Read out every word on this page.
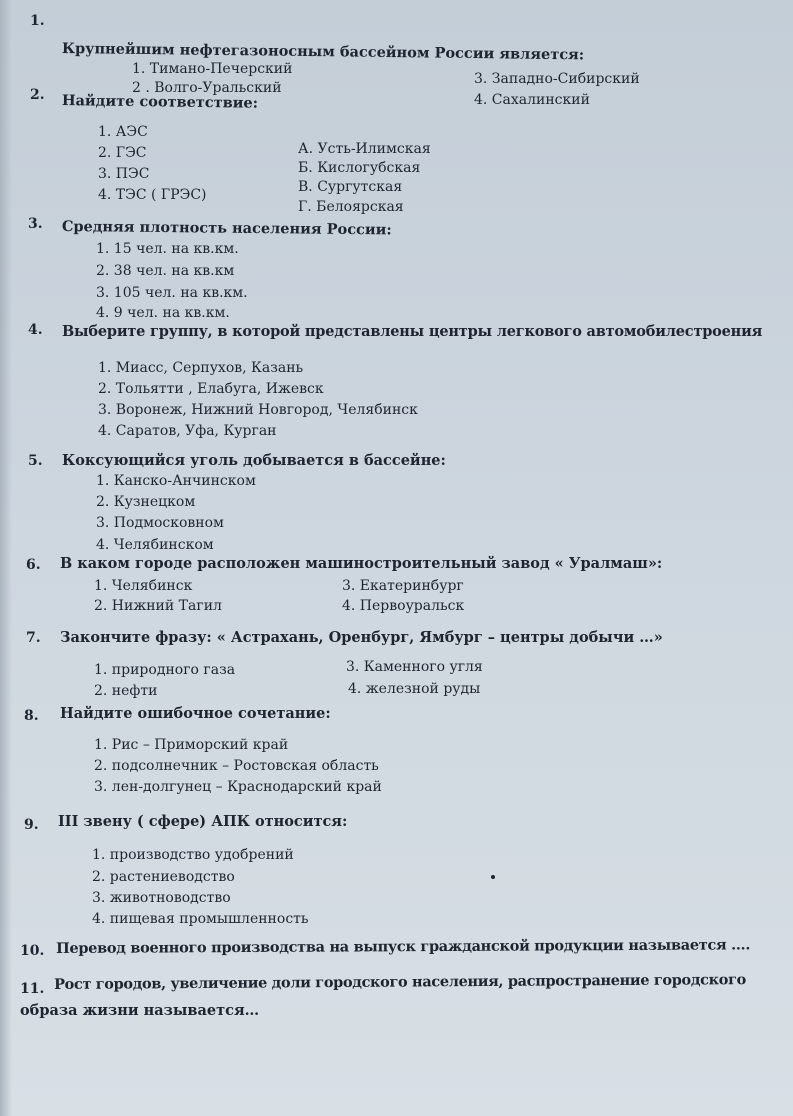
1.
Крупнейшим нефтегазоносным бассейном России является:
1. Тимано-Печерский
2 . Волго-Уральский
3. Западно-Сибирский
4. Сахалинский
2. Найдите соответствие:
1. АЭС
2. ГЭС
3. ПЭС
4. ТЭС ( ГРЭС)
А. Усть-Илимская
Б. Кислогубская
В. Сургутская
Г. Белоярская
3. Средняя плотность населения России:
1. 15 чел. на кв.км.
2. 38 чел. на кв.км
3. 105 чел. на кв.км.
4. 9 чел. на кв.км.
4. Выберите группу, в которой представлены центры легкового автомобилестроения
1. Миасс, Серпухов, Казань
2. Тольятти , Елабуга, Ижевск
3. Воронеж, Нижний Новгород, Челябинск
4. Саратов, Уфа, Курган
5. Коксующийся уголь добывается в бассейне:
1. Канско-Анчинском
2. Кузнецком
3. Подмосковном
4. Челябинском
6. В каком городе расположен машиностроительный завод « Уралмаш»:
1. Челябинск
2. Нижний Тагил
3. Екатеринбург
4. Первоуральск
7. Закончите фразу: « Астрахань, Оренбург, Ямбург – центры добычи …»
1. природного газа
2. нефти
3. Каменного угля
4. железной руды
8. Найдите ошибочное сочетание:
1. Рис – Приморский край
2. подсолнечник – Ростовская область
3. лен-долгунец – Краснодарский край
9. III звену ( сфере) АПК относится:
1. производство удобрений
2. растениеводство
3. животноводство
4. пищевая промышленность
10. Перевод военного производства на выпуск гражданской продукции называется ….
11. Рост городов, увеличение доли городского населения, распространение городского
образа жизни называется…
